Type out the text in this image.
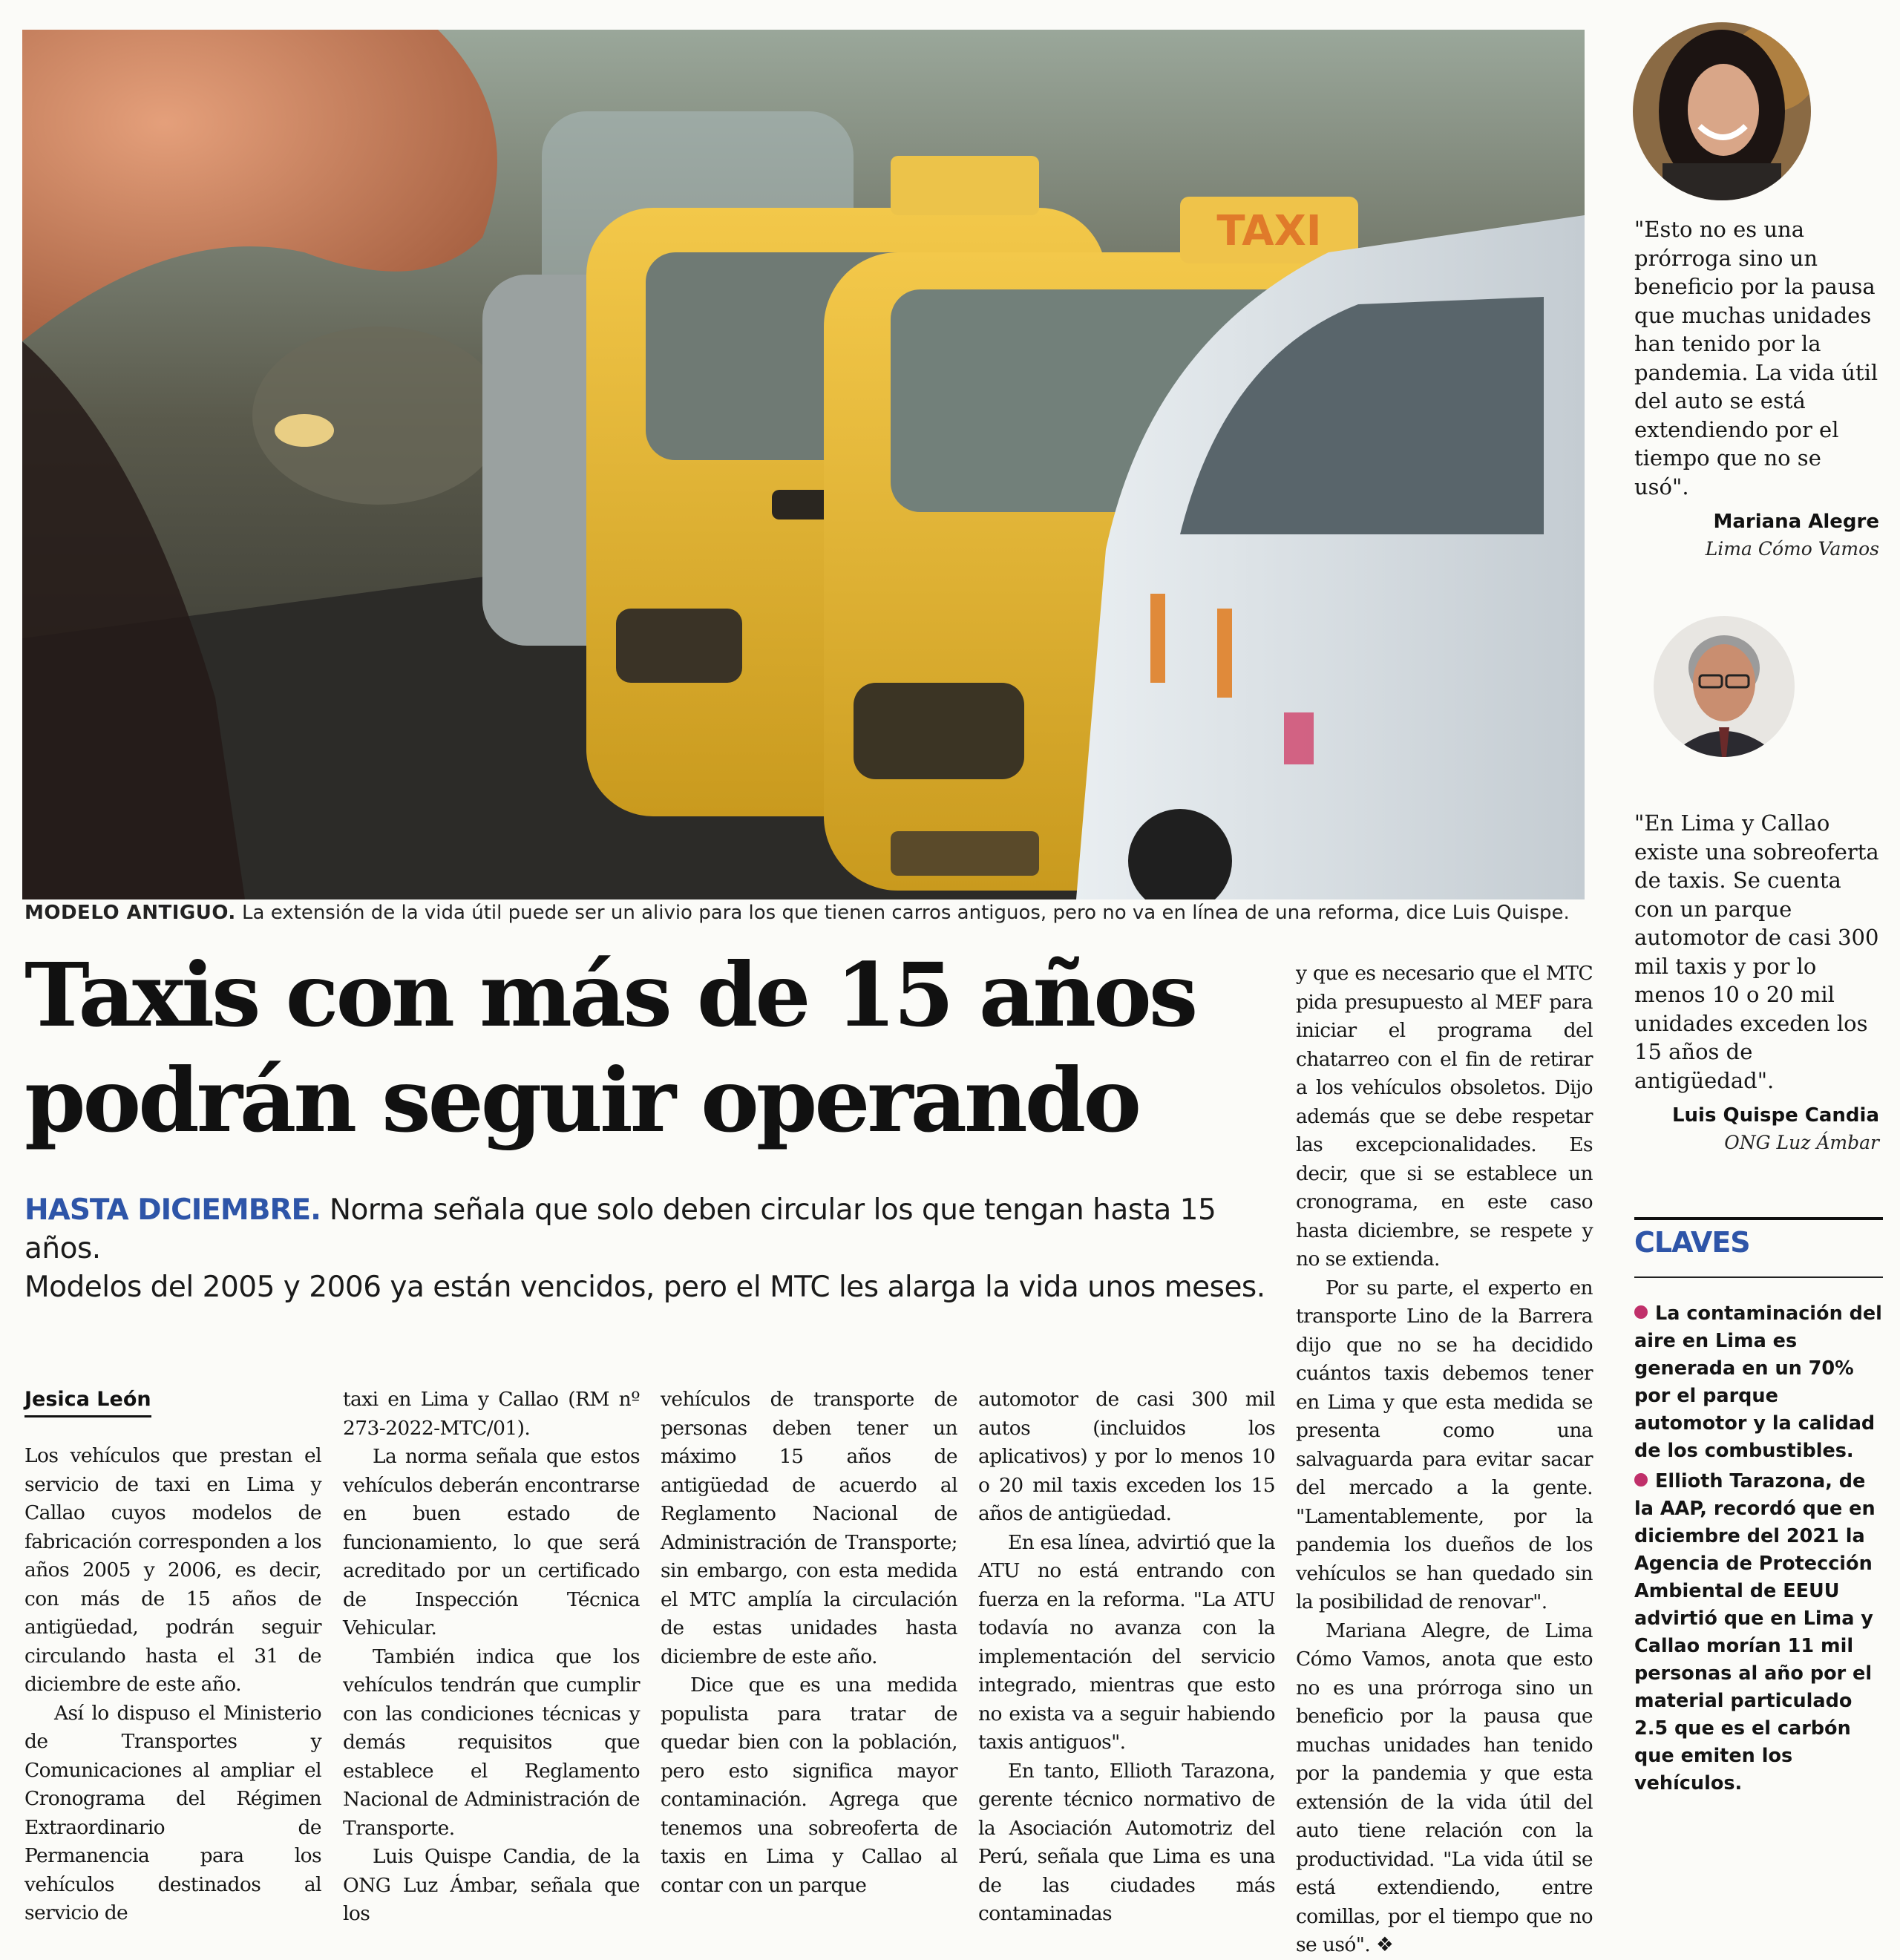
TAXI
MODELO ANTIGUO. La extensión de la vida útil puede ser un alivio para los que tienen carros antiguos, pero no va en línea de una reforma, dice Luis Quispe.
Taxis con más de 15 años
podrán seguir operando
HASTA DICIEMBRE. Norma señala que solo deben circular los que tengan hasta 15 años.
Modelos del 2005 y 2006 ya están vencidos, pero el MTC les alarga la vida unos meses.
Jesica León

Los vehículos que prestan el servicio de taxi en Lima y Callao cuyos modelos de fabricación corresponden a los años 2005 y 2006, es decir, con más de 15 años de antigüedad, podrán seguir circulando hasta el 31 de diciembre de este año.

Así lo dispuso el Ministerio de Transportes y Comunicaciones al ampliar el Cronograma del Régimen Extraordinario de Permanencia para los vehículos destinados al servicio de

taxi en Lima y Callao (RM nº 273-2022-MTC/01).

La norma señala que estos vehículos deberán encontrarse en buen estado de funcionamiento, lo que será acreditado por un certificado de Inspección Técnica Vehicular.

También indica que los vehículos tendrán que cumplir con las condiciones técnicas y demás requisitos que establece el Reglamento Nacional de Administración de Transporte.

Luis Quispe Candia, de la ONG Luz Ámbar, señala que los

vehículos de transporte de personas deben tener un máximo 15 años de antigüedad de acuerdo al Reglamento Nacional de Administración de Transporte; sin embargo, con esta medida el MTC amplía la circulación de estas unidades hasta diciembre de este año.

Dice que es una medida populista para tratar de quedar bien con la población, pero esto significa mayor contaminación. Agrega que tenemos una sobreoferta de taxis en Lima y Callao al contar con un parque

automotor de casi 300 mil autos (incluidos los aplicativos) y por lo menos 10 o 20 mil taxis exceden los 15 años de antigüedad.

En esa línea, advirtió que la ATU no está entrando con fuerza en la reforma. "La ATU todavía no avanza con la implementación del servicio integrado, mientras que esto no exista va a seguir habiendo taxis antiguos".

En tanto, Ellioth Tarazona, gerente técnico normativo de la Asociación Automotriz del Perú, señala que Lima es una de las ciudades más contaminadas

y que es necesario que el MTC pida presupuesto al MEF para iniciar el programa del chatarreo con el fin de retirar a los vehículos obsoletos. Dijo además que se debe respetar las excepcionalidades. Es decir, que si se establece un cronograma, en este caso hasta diciembre, se respete y no se extienda.

Por su parte, el experto en transporte Lino de la Barrera dijo que no se ha decidido cuántos taxis debemos tener en Lima y que esta medida se presenta como una salvaguarda para evitar sacar del mercado a la gente. "Lamentablemente, por la pandemia los dueños de los vehículos se han quedado sin la posibilidad de renovar".

Mariana Alegre, de Lima Cómo Vamos, anota que esto no es una prórroga sino un beneficio por la pausa que muchas unidades han tenido por la pandemia y que esta extensión de la vida útil del auto tiene relación con la productividad. "La vida útil se está extendiendo, entre comillas, por el tiempo que no se usó". ❖

"Esto no es una prórroga sino un beneficio por la pausa que muchas unidades han tenido por la pandemia. La vida útil del auto se está extendiendo por el tiempo que no se usó".
Mariana Alegre
Lima Cómo Vamos
"En Lima y Callao existe una sobreoferta de taxis. Se cuenta con un parque automotor de casi 300 mil taxis y por lo menos 10 o 20 mil unidades exceden los 15 años de antigüedad".
Luis Quispe Candia
ONG Luz Ámbar
CLAVES
La contaminación del aire en Lima es generada en un 70% por el parque automotor y la calidad de los combustibles.
Ellioth Tarazona, de la AAP, recordó que en diciembre del 2021 la Agencia de Protección Ambiental de EEUU advirtió que en Lima y Callao morían 11 mil personas al año por el material particulado 2.5 que es el carbón que emiten los vehículos.
